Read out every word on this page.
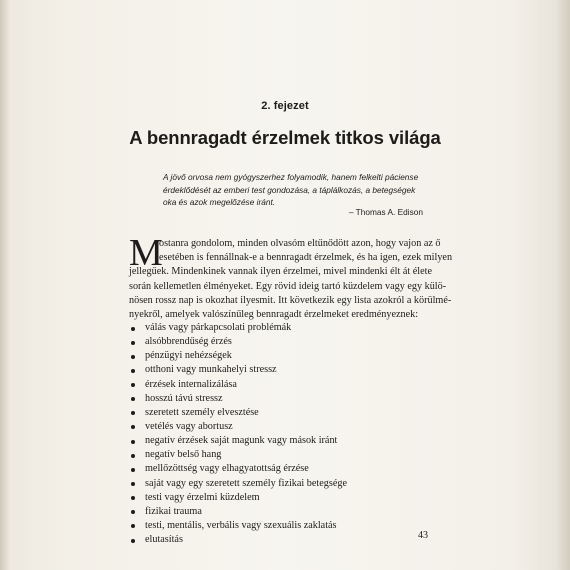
2. fejezet
A bennragadt érzelmek titkos világa
A jövő orvosa nem gyógyszerhez folyamodik, hanem felkelti páciense
érdeklődését az emberi test gondozása, a táplálkozás, a betegségek
oka és azok megelőzése iránt.
– Thomas A. Edison
M
ostanra gondolom, minden olvasóm eltűnődött azon, hogy vajon az ő
esetében is fennállnak-e a bennragadt érzelmek, és ha igen, ezek milyen
jellegűek. Mindenkinek vannak ilyen érzelmei, mivel mindenki élt át élete
során kellemetlen élményeket. Egy rövid ideig tartó küzdelem vagy egy külö-
nösen rossz nap is okozhat ilyesmit. Itt következik egy lista azokról a körülmé-
nyekről, amelyek valószínűleg bennragadt érzelmeket eredményeznek:
válás vagy párkapcsolati problémák
alsóbbrendűség érzés
pénzügyi nehézségek
otthoni vagy munkahelyi stressz
érzések internalizálása
hosszú távú stressz
szeretett személy elvesztése
vetélés vagy abortusz
negatív érzések saját magunk vagy mások iránt
negatív belső hang
mellőzöttség vagy elhagyatottság érzése
saját vagy egy szeretett személy fizikai betegsége
testi vagy érzelmi küzdelem
fizikai trauma
testi, mentális, verbális vagy szexuális zaklatás
elutasítás	43
